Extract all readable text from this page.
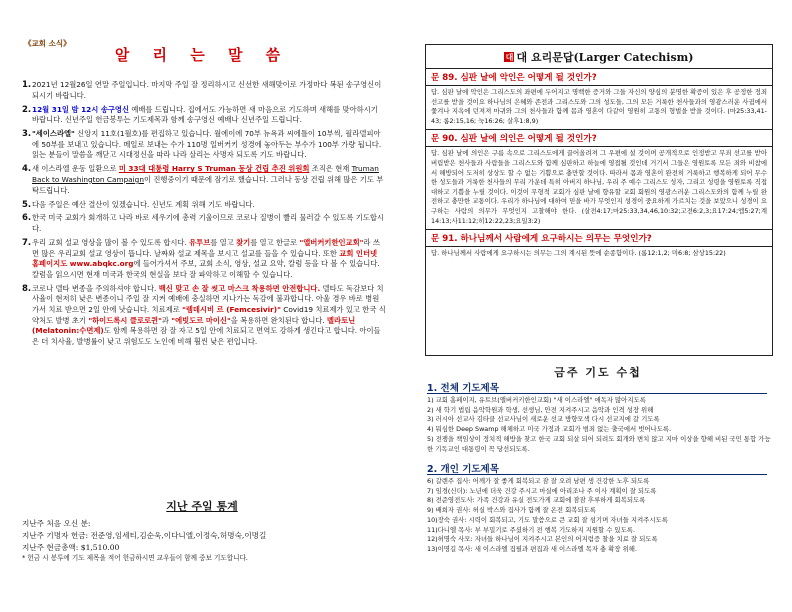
《교회 소식》
알 리 는 말 씀
1. 2021년 12월26일 연말 주일입니다. 마지막 주일 잘 정리하시고 신선한 새해맞이로 가정마다 복된 송구영신이 되시기 바랍니다.
2. 12월 31일 밤 12시 송구영신 예배를 드립니다. 집에서도 가능하면 새 마음으로 기도하며 새해를 맞아하시기 바랍니다. 신년주일 헌금봉투는 기도제목과 함께 송구영신 예배나 신년주일 드립니다.
3. "세이스라엘" 신앙지 11호(1월호)를 편집하고 있습니다. 월에이에 70부 뉴욕과 씨에틀이 10부씩, 필라델피아에 50부를 보내고 있습니다. 메일로 보내는 수가 110명 일버커키 성경에 놓아두는 부수가 100부 가량 됩니다. 읽는 분들이 말씀을 깨닫고 시대정신을 따라 나라 살리는 사명자 되도록 기도 바랍니다.
4. 새 이스라엘 운동 일환으로 미 33대 대통령 Harry S Truman 동상 건립 추진 위원회 조직은 현재 Truman Back to Washington Campaign이 진행중이기 때문에 잠기로 했습니다. 그러나 동상 건립 위해 많은 기도 부탁드립니다.
5. 다음 주일은 예산 결산이 있겠습니다. 신년도 계획 위해 기도 바랍니다.
6. 한국 미국 교회가 회개하고 나라 바로 세우기에 총력 기울이므로 코로나 질병이 빨리 물러갈 수 있도록 기도합시다.
7. 우리 교회 설교 영상을 많이 볼 수 있도록 합시다. 유투브를 열고 찾기를 열고 한글로 "앨버커키한인교회"라 쓰면 많은 우리교회 설교 영상이 뜹니다. 날짜와 설교 제목을 보시고 설교를 들을 수 있습니다. 또한 교회 인터넷 홈페이지도 www.abqkc.org에 들어가셔서 주보, 교회 소식, 영상, 설교 요약, 칼럼 등을 다 볼 수 있습니다. 칼럼을 읽으시면 현재 미국과 한국의 현실을 보다 잘 파악하고 이해할 수 있습니다.
8. 코로나 델타 변종을 주의하셔야 합니다. 백신 맞고 손 잘 씻고 마스크 착용하면 안전합니다. 델타도 독감보다 치사율이 현저히 낮은 변종이니 주일 잘 지켜 예배에 충실하면 지나가는 독감에 불과합니다. 아울 경우 바로 병원 가서 치료 받으면 2일 안에 낫습니다. 치료제로 "렘데시비 르 (Femcesivir)" Covid19 치료제가 있고 한국 식약처도 발병 초기 "하이드록시 클로로퀸"과 "에빗도르 마이신"을 복용하면 완치된다 합니다. 멜라토닌(Melatonin:수면제)도 함께 복용하면 잠 잘 자고 5일 안에 치료되고 면역도 강하게 생긴다고 합니다. 아이들은 더 치사율, 발병률이 낮고 위험도도 노인에 비해 훨씬 낮은 편입니다.
지난 주일 통계
지난주 처음 오신 분:
지난주 기명자 헌금: 전준영,임세티,김순욱,이다니엘,이정숙,허명숙,이명길
지난주 현금총액: $1,510.00
* 헌금 시 봉투에 기도 제목을 적어 헌금하시면 교우들이 함께 중보 기도합니다.
대 대 요리문답(Larger Catechism)
문 89. 심판 날에 악인은 어떻게 될 것인가?
답. 심판 날에 악인은 그리스도의 좌편에 두어지고 명백한 증거와 그들 자신의 양심의 분명한 확증이 있은 후 공정한 정죄 선고를 받을 것이요 하나님의 은혜와 존전과 그리스도와 그의 성도들, 그의 모든 거룩한 천사들과의 영광스러운 사귐에서 쫓겨나 지옥에 던져져 마귀와 그의 천사들과 함께 몸과 영혼이 다같이 영원히 고통의 형벌을 받을 것이다. (마25:33,41-43; 롬2:15,16; 눅16:26; 살후1:8,9)
문 90. 심판 날에 의인은 어떻게 될 것인가?
답. 심판 날에 의인은 구름 속으로 그리스도에게 끌어올려져 그 우편에 설 것이며 공개적으로 인정받고 무죄 선고를 받아 버림받은 천사들과 사람들을 그리스도와 함께 심판하고 하늘에 영접될 것인데 거기서 그들은 영원토록 모든 죄와 비참에서 해방되어 도저히 상상도 할 수 없는 기쁨으로 충만할 것이다. 따라서 몸과 영혼이 완전히 거룩하고 행복하게 되어 무수한 성도들과 거룩한 천사들의 무리 가운데 특히 아버지 하나님, 우리 주 예수 그리스도 성자, 그리고 성령을 영원토록 직접 대하고 기쁨을 누릴 것이다. 이것이 무형적 교회가 심판 날에 향유할 교회 회원의 영광스러운 그리스도와의 함께 누릴 완전하고 충만한 교통이다. 우리가 하나님에 대하여 믿을 바가 무엇인지 성경이 중요하게 가르치는 것을 보았으니 성경이 요구하는 사람의 의무가 무엇인지 고찰해야 한다. (살전4:17;마25:33,34,46,10:32;고전6:2,3;요17:24;엡5:27;계14:13;사11:12;히12:22,23;요일3:2)
문 91. 하나님께서 사람에게 요구하시는 의무는 무엇인가?
답. 하나님께서 사람에게 요구하시는 의무는 그의 계시된 뜻에 순종함이다. (롬12:1,2; 미6:8; 삼상15:22)
금주 기도 수첩
1. 전체 기도제목
1) 교회 홈페이지, 유트브(앨버커키한인교회) "새 이스라엘" 애독자 많아지도록
2) 새 학기 법립 음악학원과 학생, 선생님, 안전 지켜주시고 음악과 인격 성장 위해
3) 러시아 선교사 김타클 선교사님이 새로운 선교 방향모색 다시 선교지에 갈 기도록
4) 뭐심한 Deep Swamp 해체하고 미국 가정과 교회가 범죄 없는 출국에서 벗어나도록.
5) 전쟁을 책임상이 정치적 해방을 찾고 한국 교회 되살 되어 되려도 회개와 변치 않고 지마 이상을 향해 비된 국민 통합 가능한 기독교인 대통령이 꼭 당선되도록.
2. 개인 기도제목
6) 갈렌주 집사: 어깨가 잘 좋게 회복되고 잠 잘 오려 남편 생 건강한 노후 되도록
7) 임경(신더): 노년에 더욱 건강 주시고 마실에 아리조나 주 이사 계획이 잘 되도록
8) 전준영전도사: 가족 건강과 유실 전도가게 교회에 잠잠 후루하게 회복되도록
9) 배희자 권사: 허실 박스와 집사가 함께 잘 온전 회복되도록
10)장숙 권사: 시력이 회복되고, 기도 말씀으로 큰 교회 잘 섬기며 자녀들 지켜주시도록
11)다니엘 목사: 부 부밀기로 주셨하기 전 행복 기도하지 지원할 수 있도록.
12)허명숙 사모: 자녀들 하나님이 지켜주시고 본인의 어지럼증 찰을 치료 잘 되도록
13)이명길 목사: 새 이스라엘 집필과 편집과 새 이스라엘 목자 충 확장 위해.
